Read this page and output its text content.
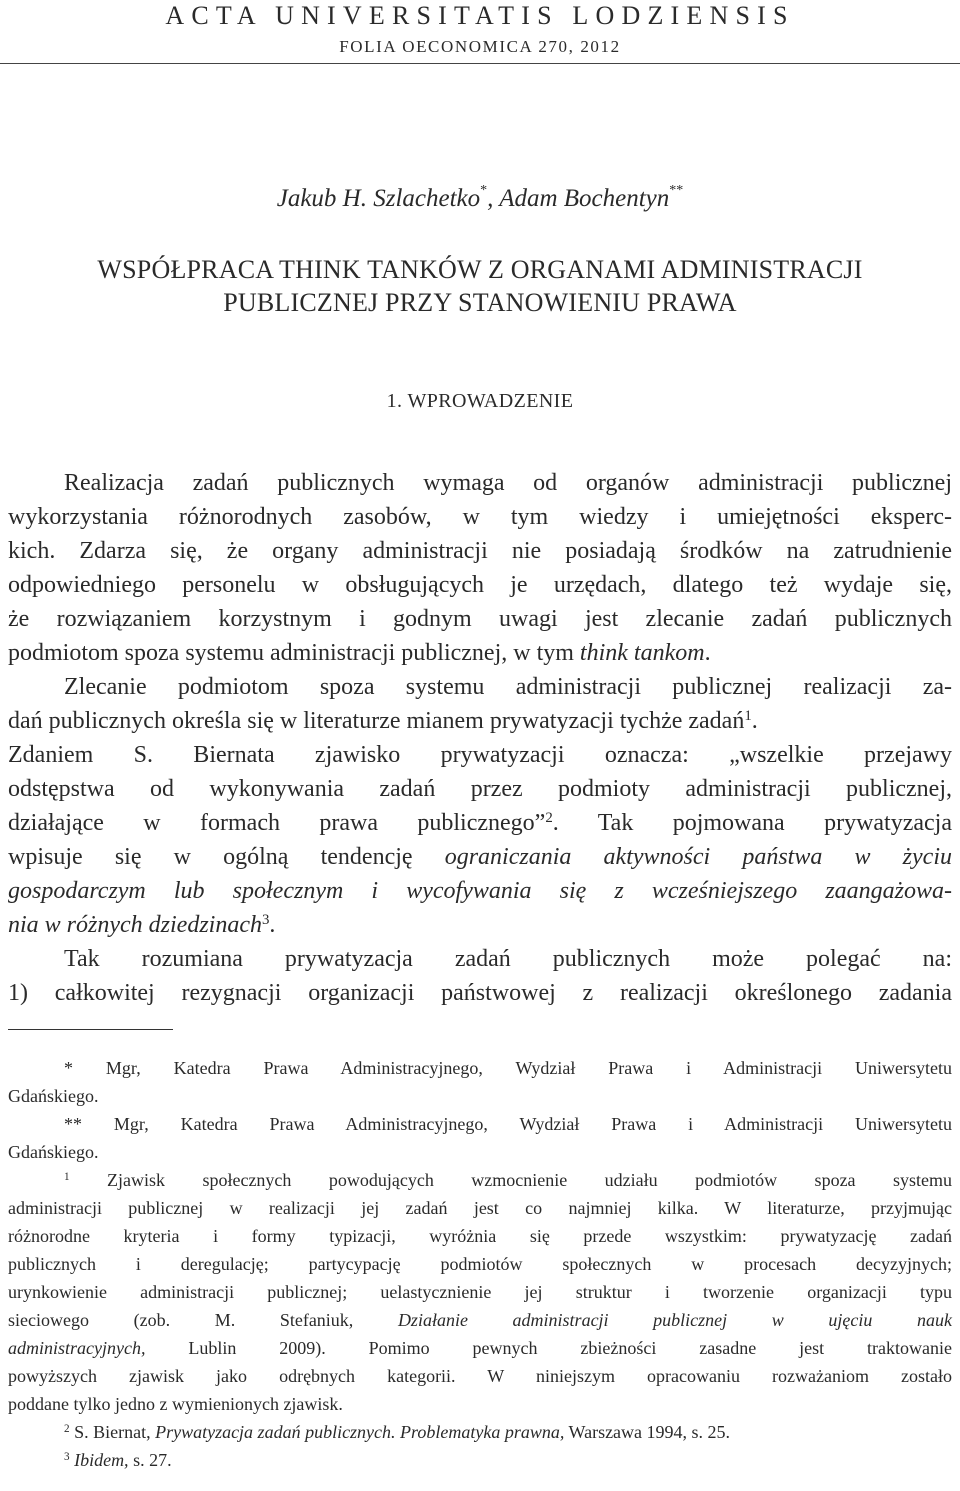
ACTA UNIVERSITATIS LODZIENSIS
FOLIA OECONOMICA 270, 2012
Jakub H. Szlachetko*, Adam Bochentyn**
WSPÓŁPRACA THINK TANKÓW Z ORGANAMI ADMINISTRACJI
PUBLICZNEJ PRZY STANOWIENIU PRAWA
1. WPROWADZENIE
Realizacja zadań publicznych wymaga od organów administracji publicznej
wykorzystania różnorodnych zasobów, w tym wiedzy i umiejętności eksperc-
kich. Zdarza się, że organy administracji nie posiadają środków na zatrudnienie
odpowiedniego personelu w obsługujących je urzędach, dlatego też wydaje się,
że rozwiązaniem korzystnym i godnym uwagi jest zlecanie zadań publicznych
podmiotom spoza systemu administracji publicznej, w tym think tankom.
Zlecanie podmiotom spoza systemu administracji publicznej realizacji za-
dań publicznych określa się w literaturze mianem prywatyzacji tychże zadań$^1$.
Zdaniem S. Biernata zjawisko prywatyzacji oznacza: „wszelkie przejawy
odstępstwa od wykonywania zadań przez podmioty administracji publicznej,
działające w formach prawa publicznego”$^2$. Tak pojmowana prywatyzacja
wpisuje się w ogólną tendencję ograniczania aktywności państwa w życiu
gospodarczym lub społecznym i wycofywania się z wcześniejszego zaangażowa-
nia w różnych dziedzinach$^3$.
Tak rozumiana prywatyzacja zadań publicznych może polegać na:
1) całkowitej rezygnacji organizacji państwowej z realizacji określonego zadania
* Mgr, Katedra Prawa Administracyjnego, Wydział Prawa i Administracji Uniwersytetu
Gdańskiego.
** Mgr, Katedra Prawa Administracyjnego, Wydział Prawa i Administracji Uniwersytetu
Gdańskiego.
$^1$ Zjawisk społecznych powodujących wzmocnienie udziału podmiotów spoza systemu
administracji publicznej w realizacji jej zadań jest co najmniej kilka. W literaturze, przyjmując
różnorodne kryteria i formy typizacji, wyróżnia się przede wszystkim: prywatyzację zadań
publicznych i deregulację; partycypację podmiotów społecznych w procesach decyzyjnych;
urynkowienie administracji publicznej; uelastycznienie jej struktur i tworzenie organizacji typu
sieciowego (zob. M. Stefaniuk, Działanie administracji publicznej w ujęciu nauk
administracyjnych, Lublin 2009). Pomimo pewnych zbieżności zasadne jest traktowanie
powyższych zjawisk jako odrębnych kategorii. W niniejszym opracowaniu rozważaniom zostało
poddane tylko jedno z wymienionych zjawisk.
$^2$ S. Biernat, Prywatyzacja zadań publicznych. Problematyka prawna, Warszawa 1994, s. 25.
$^3$ Ibidem, s. 27.
